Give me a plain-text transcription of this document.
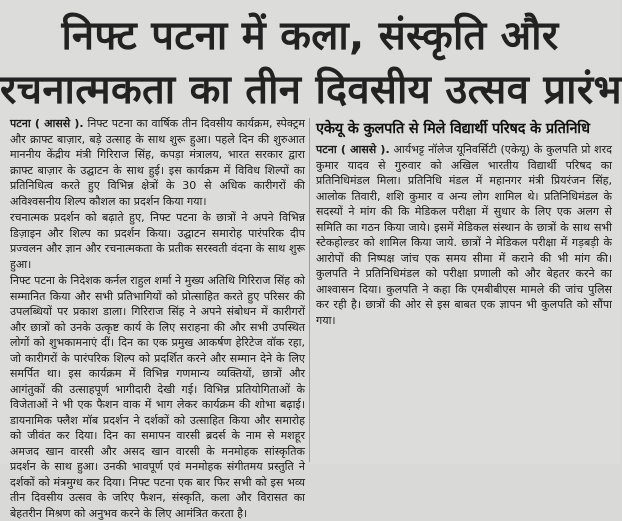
निफ्ट पटना में कला, संस्कृति और
रचनात्मकता का तीन दिवसीय उत्सव प्रारंभ

पटना ( आससे ). निफ्ट पटना का वार्षिक तीन दिवसीय कार्यक्रम, स्पेक्ट्रम और क्राफ्ट बाज़ार, बड़े उत्साह के साथ शुरू हुआ। पहले दिन की शुरुआत माननीय केंद्रीय मंत्री गिरिराज सिंह, कपड़ा मंत्रालय, भारत सरकार द्वारा क्राफ्ट बाज़ार के उद्घाटन के साथ हुई। इस कार्यक्रम में विविध शिल्पों का प्रतिनिधित्व करते हुए विभिन्न क्षेत्रों के 30 से अधिक कारीगरों की अविश्वसनीय शिल्प कौशल का प्रदर्शन किया गया।

रचनात्मक प्रदर्शन को बढ़ाते हुए, निफ्ट पटना के छात्रों ने अपने विभिन्न डिज़ाइन और शिल्प का प्रदर्शन किया। उद्घाटन समारोह पारंपरिक दीप प्रज्वलन और ज्ञान और रचनात्मकता के प्रतीक सरस्वती वंदना के साथ शुरू हुआ।

निफ्ट पटना के निदेशक कर्नल राहुल शर्मा ने मुख्य अतिथि गिरिराज सिंह को सम्मानित किया और सभी प्रतिभागियों को प्रोत्साहित करते हुए परिसर की उपलब्धियों पर प्रकाश डाला। गिरिराज सिंह ने अपने संबोधन में कारीगरों और छात्रों को उनके उत्कृष्ट कार्य के लिए सराहना की और सभी उपस्थित लोगों को शुभकामनाएं दीं। दिन का एक प्रमुख आकर्षण हेरिटेज वॉक रहा, जो कारीगरों के पारंपरिक शिल्प को प्रदर्शित करने और सम्मान देने के लिए समर्पित था। इस कार्यक्रम में विभिन्न गणमान्य व्यक्तियों, छात्रों और आगंतुकों की उत्साहपूर्ण भागीदारी देखी गई। विभिन्न प्रतियोगिताओं के विजेताओं ने भी एक फैशन वाक में भाग लेकर कार्यक्रम की शोभा बढ़ाई। डायनामिक फ्लैश मॉब प्रदर्शन ने दर्शकों को उत्साहित किया और समारोह को जीवंत कर दिया। दिन का समापन वारसी ब्रदर्स के नाम से मशहूर अमजद खान वारसी और असद खान वारसी के मनमोहक सांस्कृतिक प्रदर्शन के साथ हुआ। उनकी भावपूर्ण एवं मनमोहक संगीतमय प्रस्तुति ने दर्शकों को मंत्रमुग्ध कर दिया। निफ्ट पटना एक बार फिर सभी को इस भव्य तीन दिवसीय उत्सव के जरिए फैशन, संस्कृति, कला और विरासत का बेहतरीन मिश्रण को अनुभव करने के लिए आमंत्रित करता है।

एकेयू के कुलपति से मिले विद्यार्थी परिषद के प्रतिनिधि

पटना ( आससे ). आर्यभट्ट नॉलेज यूनिवर्सिटी (एकेयू) के कुलपति प्रो शरद कुमार यादव से गुरुवार को अखिल भारतीय विद्यार्थी परिषद का प्रतिनिधिमंडल मिला। प्रतिनिधि मंडल में महानगर मंत्री प्रियरंजन सिंह, आलोक तिवारी, शशि कुमार व अन्य लोग शामिल थे। प्रतिनिधिमंडल के सदस्यों ने मांग की कि मेडिकल परीक्षा में सुधार के लिए एक अलग से समिति का गठन किया जाये। इसमें मेडिकल संस्थान के छात्रों के साथ सभी स्टेकहोल्डर को शामिल किया जाये. छात्रों ने मेडिकल परीक्षा में गड़बड़ी के आरोपों की निष्पक्ष जांच एक समय सीमा में कराने की भी मांग की। कुलपति ने प्रतिनिधिमंडल को परीक्षा प्रणाली को और बेहतर करने का आश्वासन दिया। कुलपति ने कहा कि एमबीबीएस मामले की जांच पुलिस कर रही है। छात्रों की ओर से इस बाबत एक ज्ञापन भी कुलपति को सौंपा गया।
